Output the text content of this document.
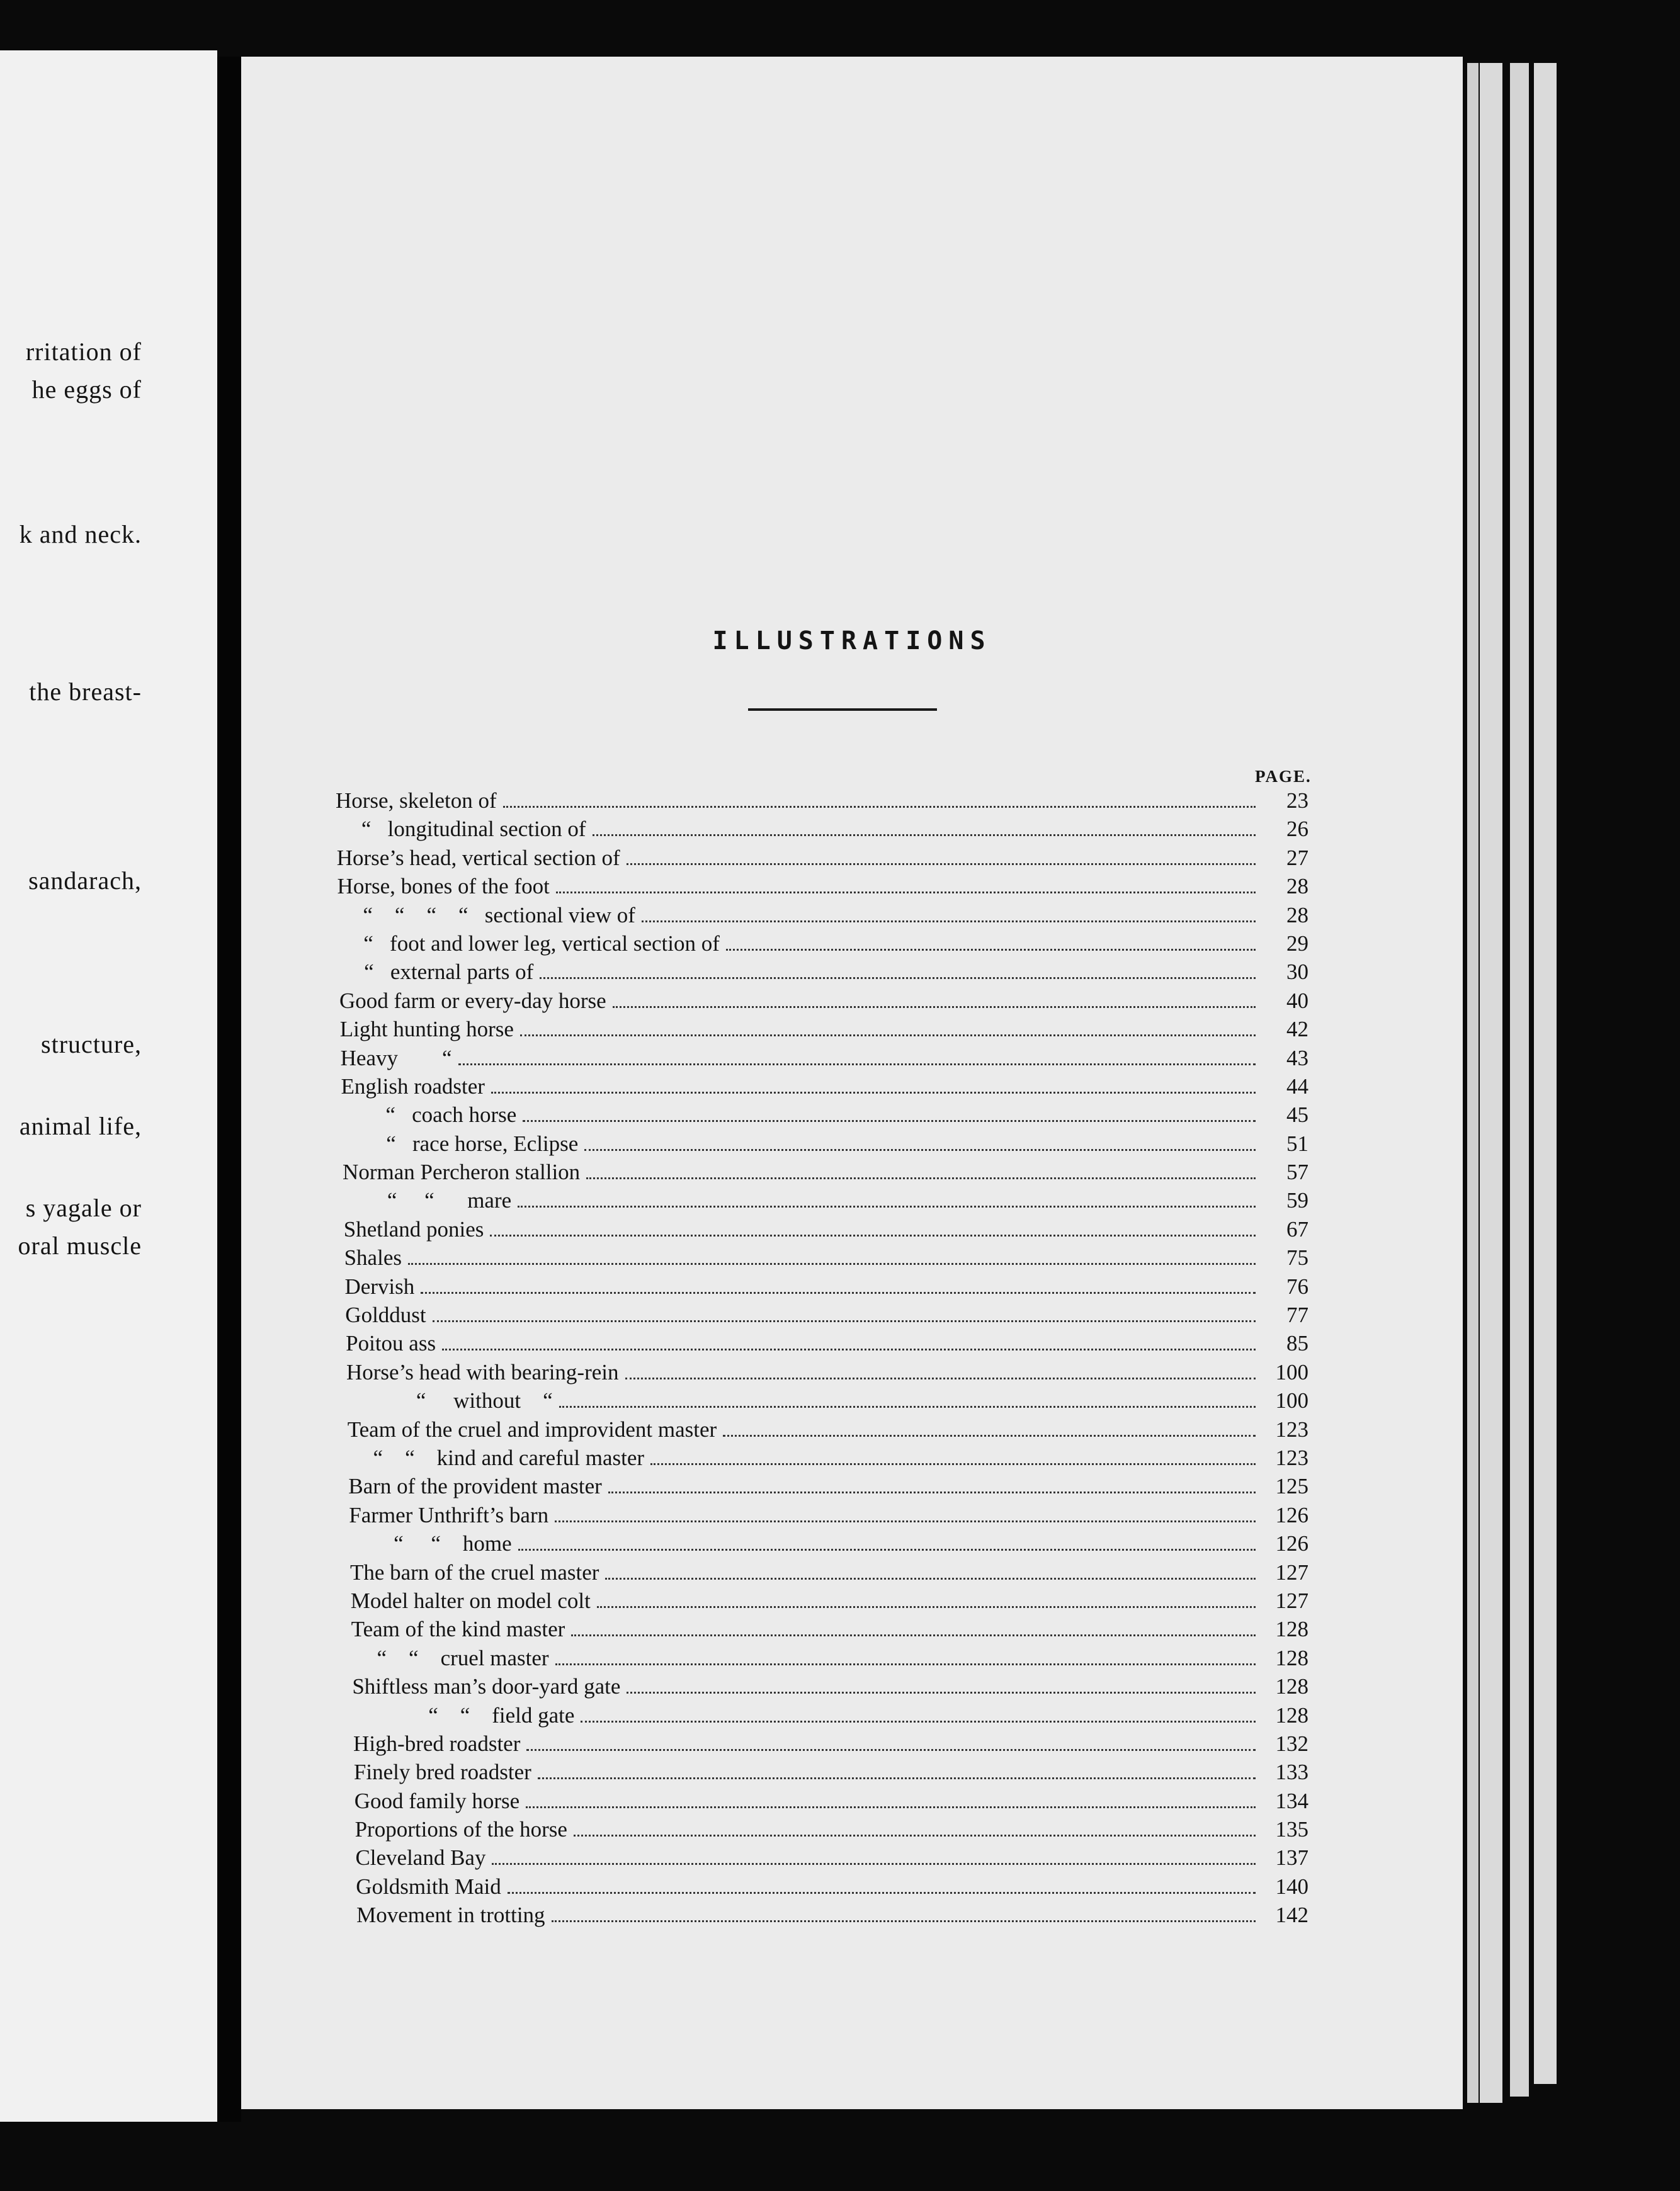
rritation of
he eggs of
k and neck.
the breast-
sandarach,
structure,
animal life,
s yagale or
oral muscle
ILLUSTRATIONS
PAGE.
Horse, skeleton of	23
“   longitudinal section of	26
Horse’s head, vertical section of	27
Horse, bones of the foot	28
“    “    “    “   sectional view of	28
“   foot and lower leg, vertical section of	29
“   external parts of	30
Good farm or every-day horse	40
Light hunting horse	42
Heavy        “	43
English roadster	44
“   coach horse	45
“   race horse, Eclipse	51
Norman Percheron stallion	57
“     “      mare	59
Shetland ponies	67
Shales	75
Dervish	76
Golddust	77
Poitou ass	85
Horse’s head with bearing-rein	100
“     without    “	100
Team of the cruel and improvident master	123
“    “    kind and careful master	123
Barn of the provident master	125
Farmer Unthrift’s barn	126
“     “    home	126
The barn of the cruel master	127
Model halter on model colt	127
Team of the kind master	128
“    “    cruel master	128
Shiftless man’s door-yard gate	128
“    “    field gate	128
High-bred roadster	132
Finely bred roadster	133
Good family horse	134
Proportions of the horse	135
Cleveland Bay	137
Goldsmith Maid	140
Movement in trotting	142
